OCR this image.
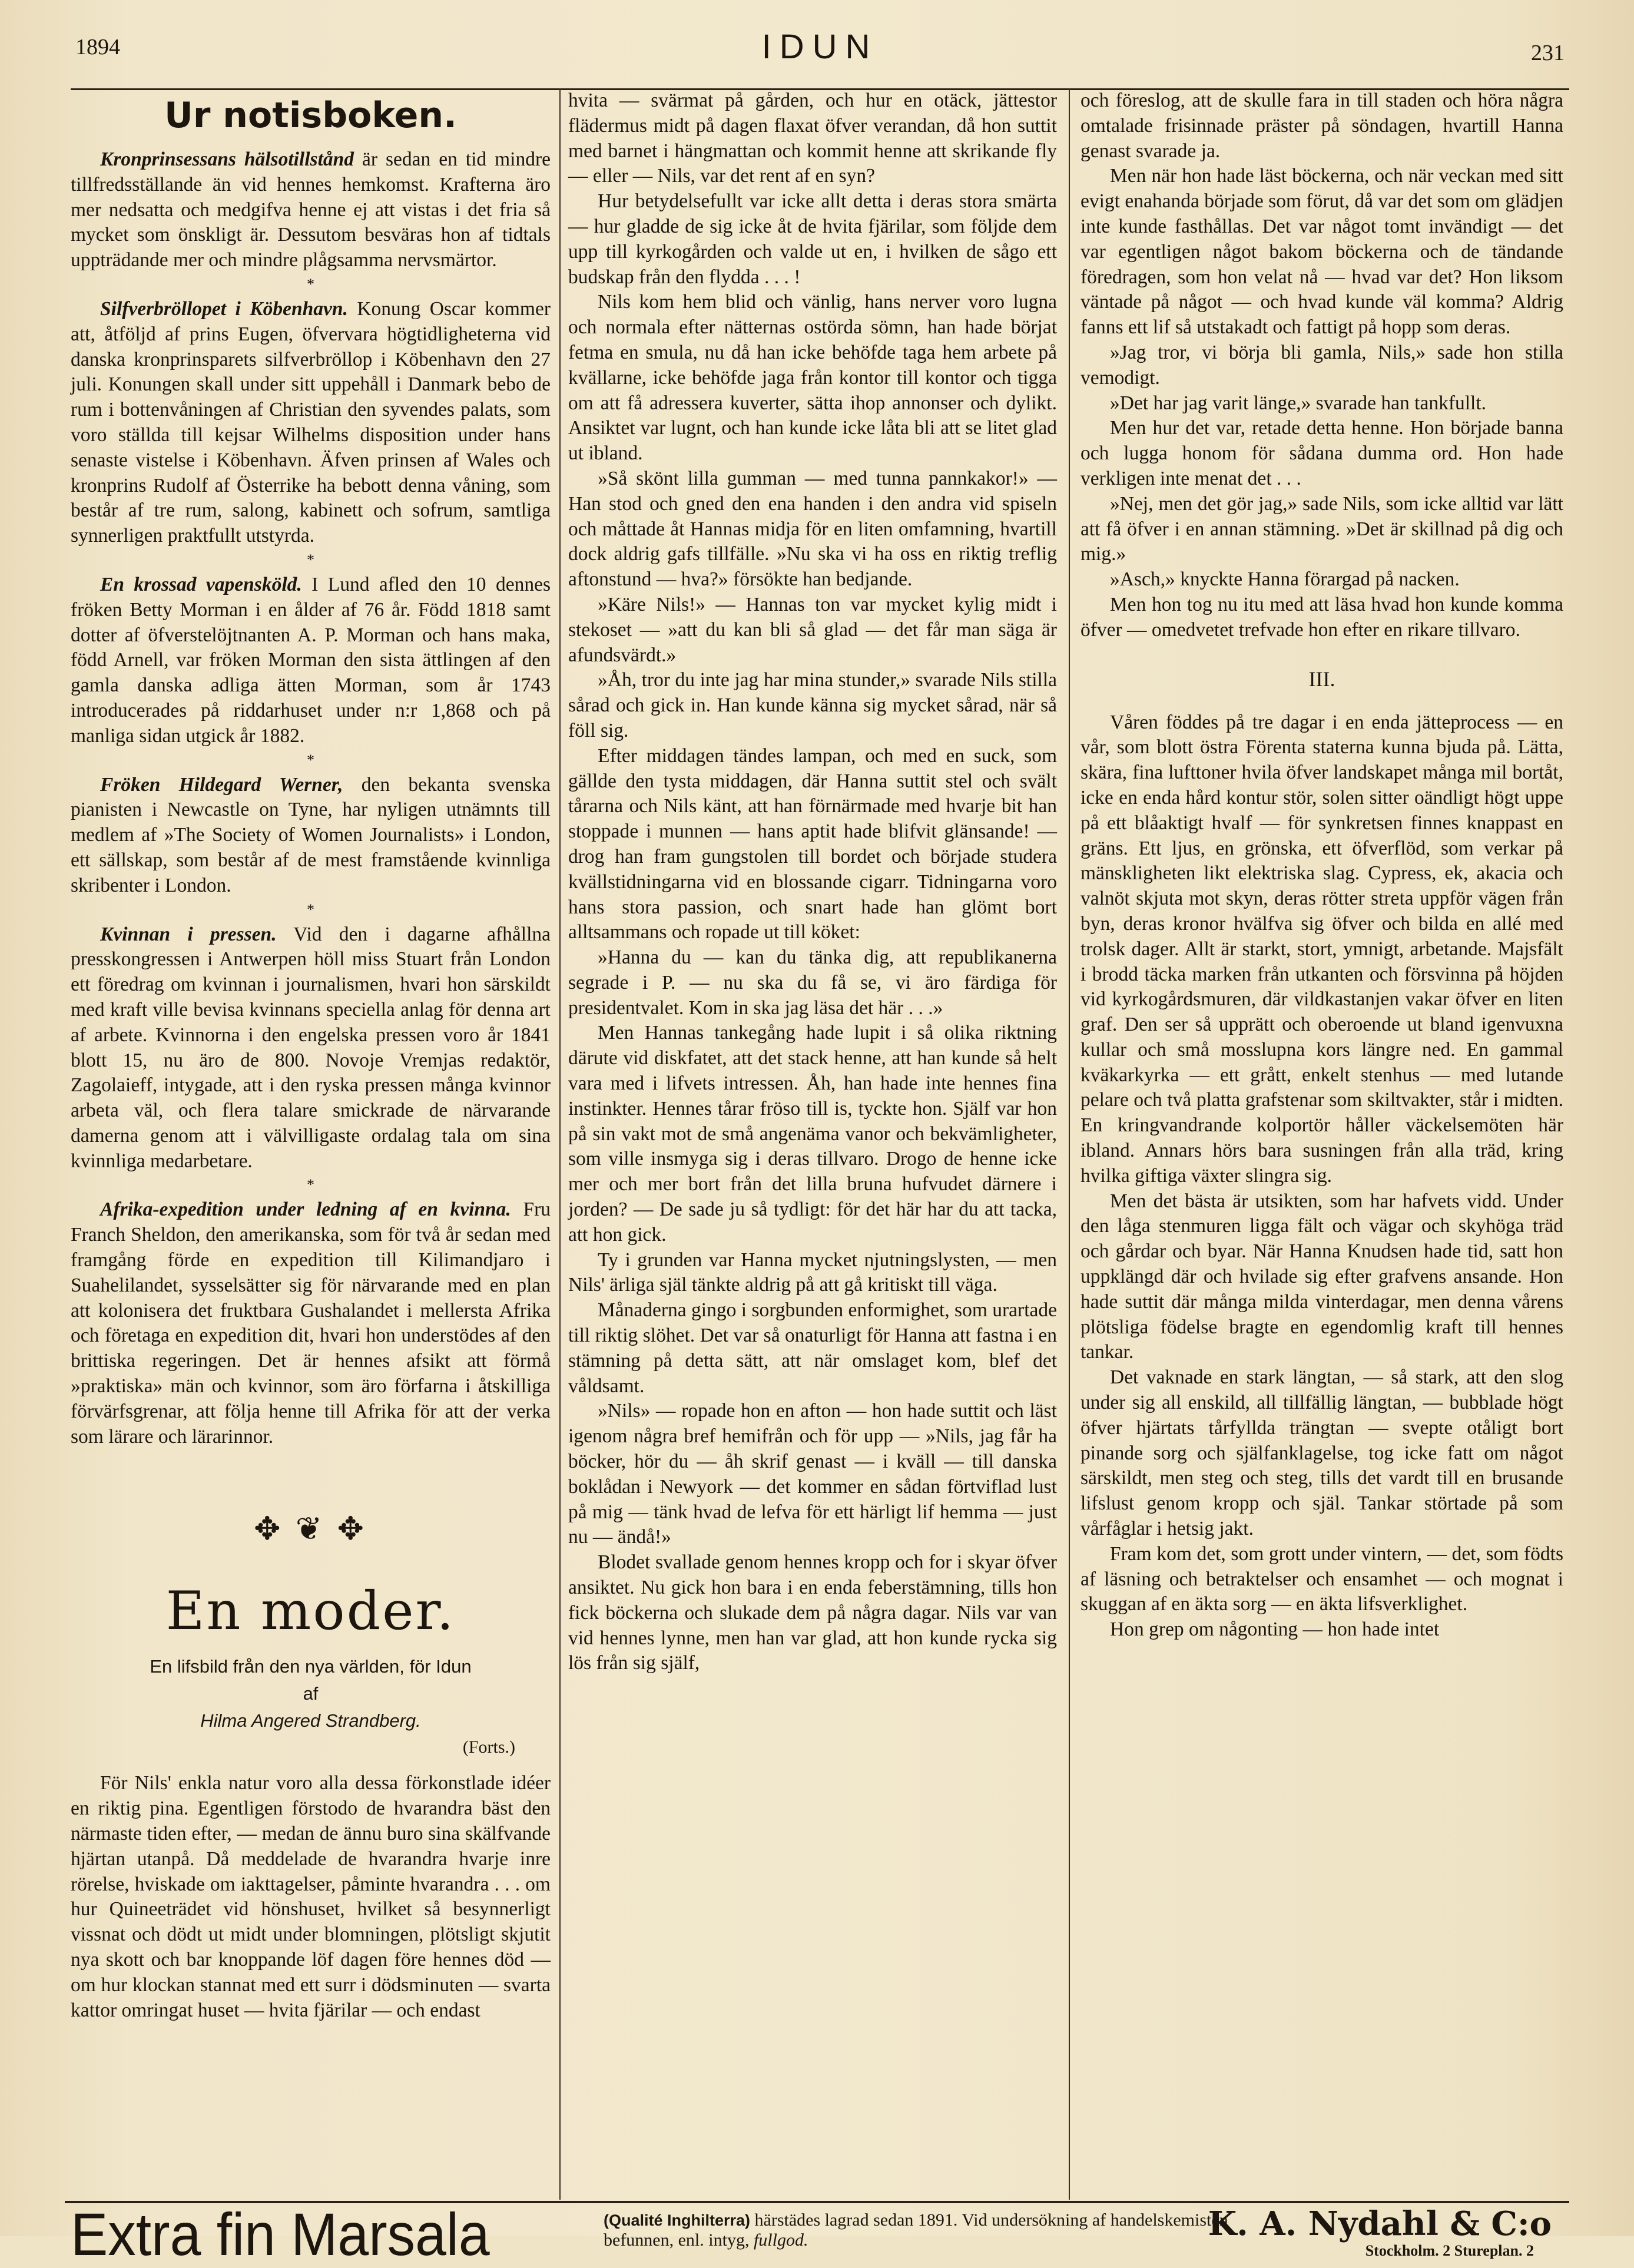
1894	IDUN	231
Ur notisboken.

Kronprinsessans hälsotillstånd är sedan en tid mindre tillfredsställande än vid hennes hemkomst. Krafterna äro mer nedsatta och medgifva henne ej att vistas i det fria så mycket som önskligt är. Dessutom besväras hon af tidtals uppträdande mer och mindre plågsamma nervsmärtor.

*

Silfverbröllopet i Köbenhavn. Konung Oscar kommer att, åtföljd af prins Eugen, öfvervara högtidligheterna vid danska kronprinsparets silfverbröllop i Köbenhavn den 27 juli. Konungen skall under sitt uppehåll i Danmark bebo de rum i bottenvåningen af Christian den syvendes palats, som voro ställda till kejsar Wilhelms disposition under hans senaste vistelse i Köbenhavn. Äfven prinsen af Wales och kronprins Rudolf af Österrike ha bebott denna våning, som består af tre rum, salong, kabinett och sofrum, samtliga synnerligen praktfullt utstyrda.

*

En krossad vapensköld. I Lund afled den 10 dennes fröken Betty Morman i en ålder af 76 år. Född 1818 samt dotter af öfverstelöjtnanten A. P. Morman och hans maka, född Arnell, var fröken Morman den sista ättlingen af den gamla danska adliga ätten Morman, som år 1743 introducerades på riddarhuset under n:r 1,868 och på manliga sidan utgick år 1882.

*

Fröken Hildegard Werner, den bekanta svenska pianisten i Newcastle on Tyne, har nyligen utnämnts till medlem af »The Society of Women Journalists» i London, ett sällskap, som består af de mest framstående kvinnliga skribenter i London.

*

Kvinnan i pressen. Vid den i dagarne afhållna presskongressen i Antwerpen höll miss Stuart från London ett föredrag om kvinnan i journalismen, hvari hon särskildt med kraft ville bevisa kvinnans speciella anlag för denna art af arbete. Kvinnorna i den engelska pressen voro år 1841 blott 15, nu äro de 800. Novoje Vremjas redaktör, Zagolaieff, intygade, att i den ryska pressen många kvinnor arbeta väl, och flera talare smickrade de närvarande damerna genom att i välvilligaste ordalag tala om sina kvinnliga medarbetare.

*

Afrika-expedition under ledning af en kvinna. Fru Franch Sheldon, den amerikanska, som för två år sedan med framgång förde en expedition till Kilimandjaro i Suahelilandet, sysselsätter sig för närvarande med en plan att kolonisera det fruktbara Gushalandet i mellersta Afrika och företaga en expedition dit, hvari hon understödes af den brittiska regeringen. Det är hennes afsikt att förmå »praktiska» män och kvinnor, som äro förfarna i åtskilliga förvärfsgrenar, att följa henne till Afrika för att der verka som lärare och lärarinnor.

✥ ❦ ✥
En moder.
En lifsbild från den nya världen, för Idun
af
Hilma Angered Strandberg.
(Forts.)

För Nils' enkla natur voro alla dessa förkonstlade idéer en riktig pina. Egentligen förstodo de hvarandra bäst den närmaste tiden efter, — medan de ännu buro sina skälfvande hjärtan utanpå. Då meddelade de hvarandra hvarje inre rörelse, hviskade om iakttagelser, påminte hvarandra . . . om hur Quineeträdet vid hönshuset, hvilket så besynnerligt vissnat och dödt ut midt under blomningen, plötsligt skjutit nya skott och bar knoppande löf dagen före hennes död — om hur klockan stannat med ett surr i dödsminuten — svarta kattor omringat huset — hvita fjärilar — och endast

hvita — svärmat på gården, och hur en otäck, jättestor flädermus midt på dagen flaxat öfver verandan, då hon suttit med barnet i hängmattan och kommit henne att skrikande fly — eller — Nils, var det rent af en syn?

Hur betydelsefullt var icke allt detta i deras stora smärta — hur gladde de sig icke åt de hvita fjärilar, som följde dem upp till kyrkogården och valde ut en, i hvilken de sågo ett budskap från den flydda . . . !

Nils kom hem blid och vänlig, hans nerver voro lugna och normala efter nätternas ostörda sömn, han hade börjat fetma en smula, nu då han icke behöfde taga hem arbete på kvällarne, icke behöfde jaga från kontor till kontor och tigga om att få adressera kuverter, sätta ihop annonser och dylikt. Ansiktet var lugnt, och han kunde icke låta bli att se litet glad ut ibland.

»Så skönt lilla gumman — med tunna pannkakor!» — Han stod och gned den ena handen i den andra vid spiseln och måttade åt Hannas midja för en liten omfamning, hvartill dock aldrig gafs tillfälle. »Nu ska vi ha oss en riktig treflig aftonstund — hva?» försökte han bedjande.

»Käre Nils!» — Hannas ton var mycket kylig midt i stekoset — »att du kan bli så glad — det får man säga är afundsvärdt.»

»Åh, tror du inte jag har mina stunder,» svarade Nils stilla sårad och gick in. Han kunde känna sig mycket sårad, när så föll sig.

Efter middagen tändes lampan, och med en suck, som gällde den tysta middagen, där Hanna suttit stel och svält tårarna och Nils känt, att han förnärmade med hvarje bit han stoppade i munnen — hans aptit hade blifvit glänsande! — drog han fram gungstolen till bordet och började studera kvällstidningarna vid en blossande cigarr. Tidningarna voro hans stora passion, och snart hade han glömt bort alltsammans och ropade ut till köket:

»Hanna du — kan du tänka dig, att republikanerna segrade i P. — nu ska du få se, vi äro färdiga för presidentvalet. Kom in ska jag läsa det här . . .»

Men Hannas tankegång hade lupit i så olika riktning därute vid diskfatet, att det stack henne, att han kunde så helt vara med i lifvets intressen. Åh, han hade inte hennes fina instinkter. Hennes tårar fröso till is, tyckte hon. Själf var hon på sin vakt mot de små angenäma vanor och bekvämligheter, som ville insmyga sig i deras tillvaro. Drogo de henne icke mer och mer bort från det lilla bruna hufvudet därnere i jorden? — De sade ju så tydligt: för det här har du att tacka, att hon gick.

Ty i grunden var Hanna mycket njutningslysten, — men Nils' ärliga själ tänkte aldrig på att gå kritiskt till väga.

Månaderna gingo i sorgbunden enformighet, som urartade till riktig slöhet. Det var så onaturligt för Hanna att fastna i en stämning på detta sätt, att när omslaget kom, blef det våldsamt.

»Nils» — ropade hon en afton — hon hade suttit och läst igenom några bref hemifrån och för upp — »Nils, jag får ha böcker, hör du — åh skrif genast — i kväll — till danska boklådan i Newyork — det kommer en sådan förtviflad lust på mig — tänk hvad de lefva för ett härligt lif hemma — just nu — ändå!»

Blodet svallade genom hennes kropp och for i skyar öfver ansiktet. Nu gick hon bara i en enda feberstämning, tills hon fick böckerna och slukade dem på några dagar. Nils var van vid hennes lynne, men han var glad, att hon kunde rycka sig lös från sig själf,

och föreslog, att de skulle fara in till staden och höra några omtalade frisinnade präster på söndagen, hvartill Hanna genast svarade ja.

Men när hon hade läst böckerna, och när veckan med sitt evigt enahanda började som förut, då var det som om glädjen inte kunde fasthållas. Det var något tomt invändigt — det var egentligen något bakom böckerna och de tändande föredragen, som hon velat nå — hvad var det? Hon liksom väntade på något — och hvad kunde väl komma? Aldrig fanns ett lif så utstakadt och fattigt på hopp som deras.

»Jag tror, vi börja bli gamla, Nils,» sade hon stilla vemodigt.

»Det har jag varit länge,» svarade han tankfullt.

Men hur det var, retade detta henne. Hon började banna och lugga honom för sådana dumma ord. Hon hade verkligen inte menat det . . .

»Nej, men det gör jag,» sade Nils, som icke alltid var lätt att få öfver i en annan stämning. »Det är skillnad på dig och mig.»

»Asch,» knyckte Hanna förargad på nacken.

Men hon tog nu itu med att läsa hvad hon kunde komma öfver — omedvetet trefvade hon efter en rikare tillvaro.

III.

Våren föddes på tre dagar i en enda jätteprocess — en vår, som blott östra Förenta staterna kunna bjuda på. Lätta, skära, fina lufttoner hvila öfver landskapet många mil bortåt, icke en enda hård kontur stör, solen sitter oändligt högt uppe på ett blåaktigt hvalf — för synkretsen finnes knappast en gräns. Ett ljus, en grönska, ett öfverflöd, som verkar på mänskligheten likt elektriska slag. Cypress, ek, akacia och valnöt skjuta mot skyn, deras rötter streta uppför vägen från byn, deras kronor hvälfva sig öfver och bilda en allé med trolsk dager. Allt är starkt, stort, ymnigt, arbetande. Majsfält i brodd täcka marken från utkanten och försvinna på höjden vid kyrkogårdsmuren, där vildkastanjen vakar öfver en liten graf. Den ser så upprätt och oberoende ut bland igenvuxna kullar och små mosslupna kors längre ned. En gammal kväkarkyrka — ett grått, enkelt stenhus — med lutande pelare och två platta grafstenar som skiltvakter, står i midten. En kringvandrande kolportör håller väckelsemöten här ibland. Annars hörs bara susningen från alla träd, kring hvilka giftiga växter slingra sig.

Men det bästa är utsikten, som har hafvets vidd. Under den låga stenmuren ligga fält och vägar och skyhöga träd och gårdar och byar. När Hanna Knudsen hade tid, satt hon uppklängd där och hvilade sig efter grafvens ansande. Hon hade suttit där många milda vinterdagar, men denna vårens plötsliga födelse bragte en egendomlig kraft till hennes tankar.

Det vaknade en stark längtan, — så stark, att den slog under sig all enskild, all tillfällig längtan, — bubblade högt öfver hjärtats tårfyllda trängtan — svepte otåligt bort pinande sorg och själfanklagelse, tog icke fatt om något särskildt, men steg och steg, tills det vardt till en brusande lifslust genom kropp och själ. Tankar störtade på som vårfåglar i hetsig jakt.

Fram kom det, som grott under vintern, — det, som födts af läsning och betraktelser och ensamhet — och mognat i skuggan af en äkta sorg — en äkta lifsverklighet.

Hon grep om någonting — hon hade intet

Extra fin Marsala	(Qualité Inghilterra) härstädes lagrad sedan 1891. Vid undersökning af handelskemisten befunnen, enl. intyg, fullgod.	K. A. Nydahl & C:o
Stockholm. 2 Stureplan. 2
